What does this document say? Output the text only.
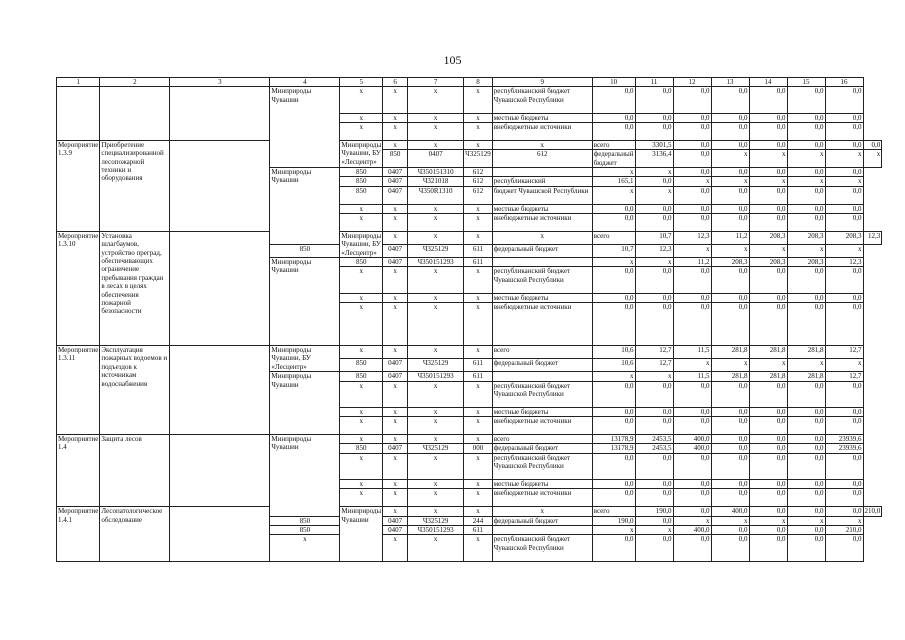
105
1	2	3	4	5	6	7	8	9	10	11	12	13	14	15	16	
			Минприроды Чувашии	х	х	х	х	республиканский бюджет Чувашской Республики	0,0	0,0	0,0	0,0	0,0	0,0	0,0	
				х	х	х	х	местные бюджеты	0,0	0,0	0,0	0,0	0,0	0,0	0,0	
				х	х	х	х	внебюджетные источники	0,0	0,0	0,0	0,0	0,0	0,0	0,0	
Мероприятие 1.3.9	Приобретение специализированной лесопожарной техники и оборудования			Минприроды Чувашии, БУ «Лесцентр»	х	х	х	х	всего	3301,5	0,0	0,0	0,0	0,0	0,0	0,0
					850	0407	Ч325129	612	федеральный бюджет	3136,4	0,0	х	х	х	х	х
			Минприроды Чувашии	850	0407	Ч350151310	612		х	х	0,0	0,0	0,0	0,0	0,0	
				850	0407	Ч321018	612	республиканский	165,1	0,0	х	х	х	х	х	
				850	0407	Ч350R1310	612	бюджет Чувашской Республики	х	х	0,0	0,0	0,0	0,0	0,0	
				х	х	х	х	местные бюджеты	0,0	0,0	0,0	0,0	0,0	0,0	0,0	
				х	х	х	х	внебюджетные источники	0,0	0,0	0,0	0,0	0,0	0,0	0,0	
Мероприятие 1.3.10	Установка шлагбаумов, устройство преград, обеспечивающих ограничение пребывания граждан в лесах в целях обеспечения пожарной безопасности			Минприроды Чувашии, БУ «Лесцентр»	х	х	х	х	всего	10,7	12,3	11,2	208,3	208,3	208,3	12,3
			850		0407	Ч325129	611	федеральный бюджет	10,7	12,3	х	х	х	х	х	
			Минприроды Чувашии	850	0407	Ч350151293	611		х	х	11,2	208,3	208,3	208,3	12,3	
				х	х	х	х	республиканский бюджет Чувашской Республики	0,0	0,0	0,0	0,0	0,0	0,0	0,0	
				х	х	х	х	местные бюджеты	0,0	0,0	0,0	0,0	0,0	0,0	0,0	
				х	х	х	х	внебюджетные источники	0,0	0,0	0,0	0,0	0,0	0,0	0,0	
Мероприятие 1.3.11	Эксплуатация пожарных водоемов и подъездов к источникам водоснабжения		Минприроды Чувашии, БУ «Лесцентр»	х	х	х	х	всего	10,6	12,7	11,5	281,8	281,8	281,8	12,7	
				850	0407	Ч325129	611	федеральный бюджет	10,6	12,7	х	х	х	х	х	
			Минприроды Чувашии	850	0407	Ч350151293	611		х	х	11,5	281,8	281,8	281,8	12,7	
				х	х	х	х	республиканский бюджет Чувашской Республики	0,0	0,0	0,0	0,0	0,0	0,0	0,0	
				х	х	х	х	местные бюджеты	0,0	0,0	0,0	0,0	0,0	0,0	0,0	
				х	х	х	х	внебюджетные источники	0,0	0,0	0,0	0,0	0,0	0,0	0,0	
Мероприятие 1.4	Защита лесов		Минприроды Чувашии	х	х	х	х	всего	13178,9	2453,5	400,0	0,0	0,0	0,0	23939,6	
				850	0407	Ч325129	000	федеральный бюджет	13178,9	2453,5	400,0	0,0	0,0	0,0	23939,6	
				х	х	х	х	республиканский бюджет Чувашской Республики	0,0	0,0	0,0	0,0	0,0	0,0	0,0	
				х	х	х	х	местные бюджеты	0,0	0,0	0,0	0,0	0,0	0,0	0,0	
				х	х	х	х	внебюджетные источники	0,0	0,0	0,0	0,0	0,0	0,0	0,0	
Мероприятие 1.4.1	Лесопатологическое обследование			Минприроды Чувашии	х	х	х	х	всего	190,0	0,0	400,0	0,0	0,0	0,0	210,0
			850		0407	Ч325129	244	федеральный бюджет	190,0	0,0	х	х	х	х	х	
			850		0407	Ч350151293	611		х	х	400,0	0,0	0,0	0,0	210,0	
			х		х	х	х	республиканский бюджет Чувашской Республики	0,0	0,0	0,0	0,0	0,0	0,0	0,0	
